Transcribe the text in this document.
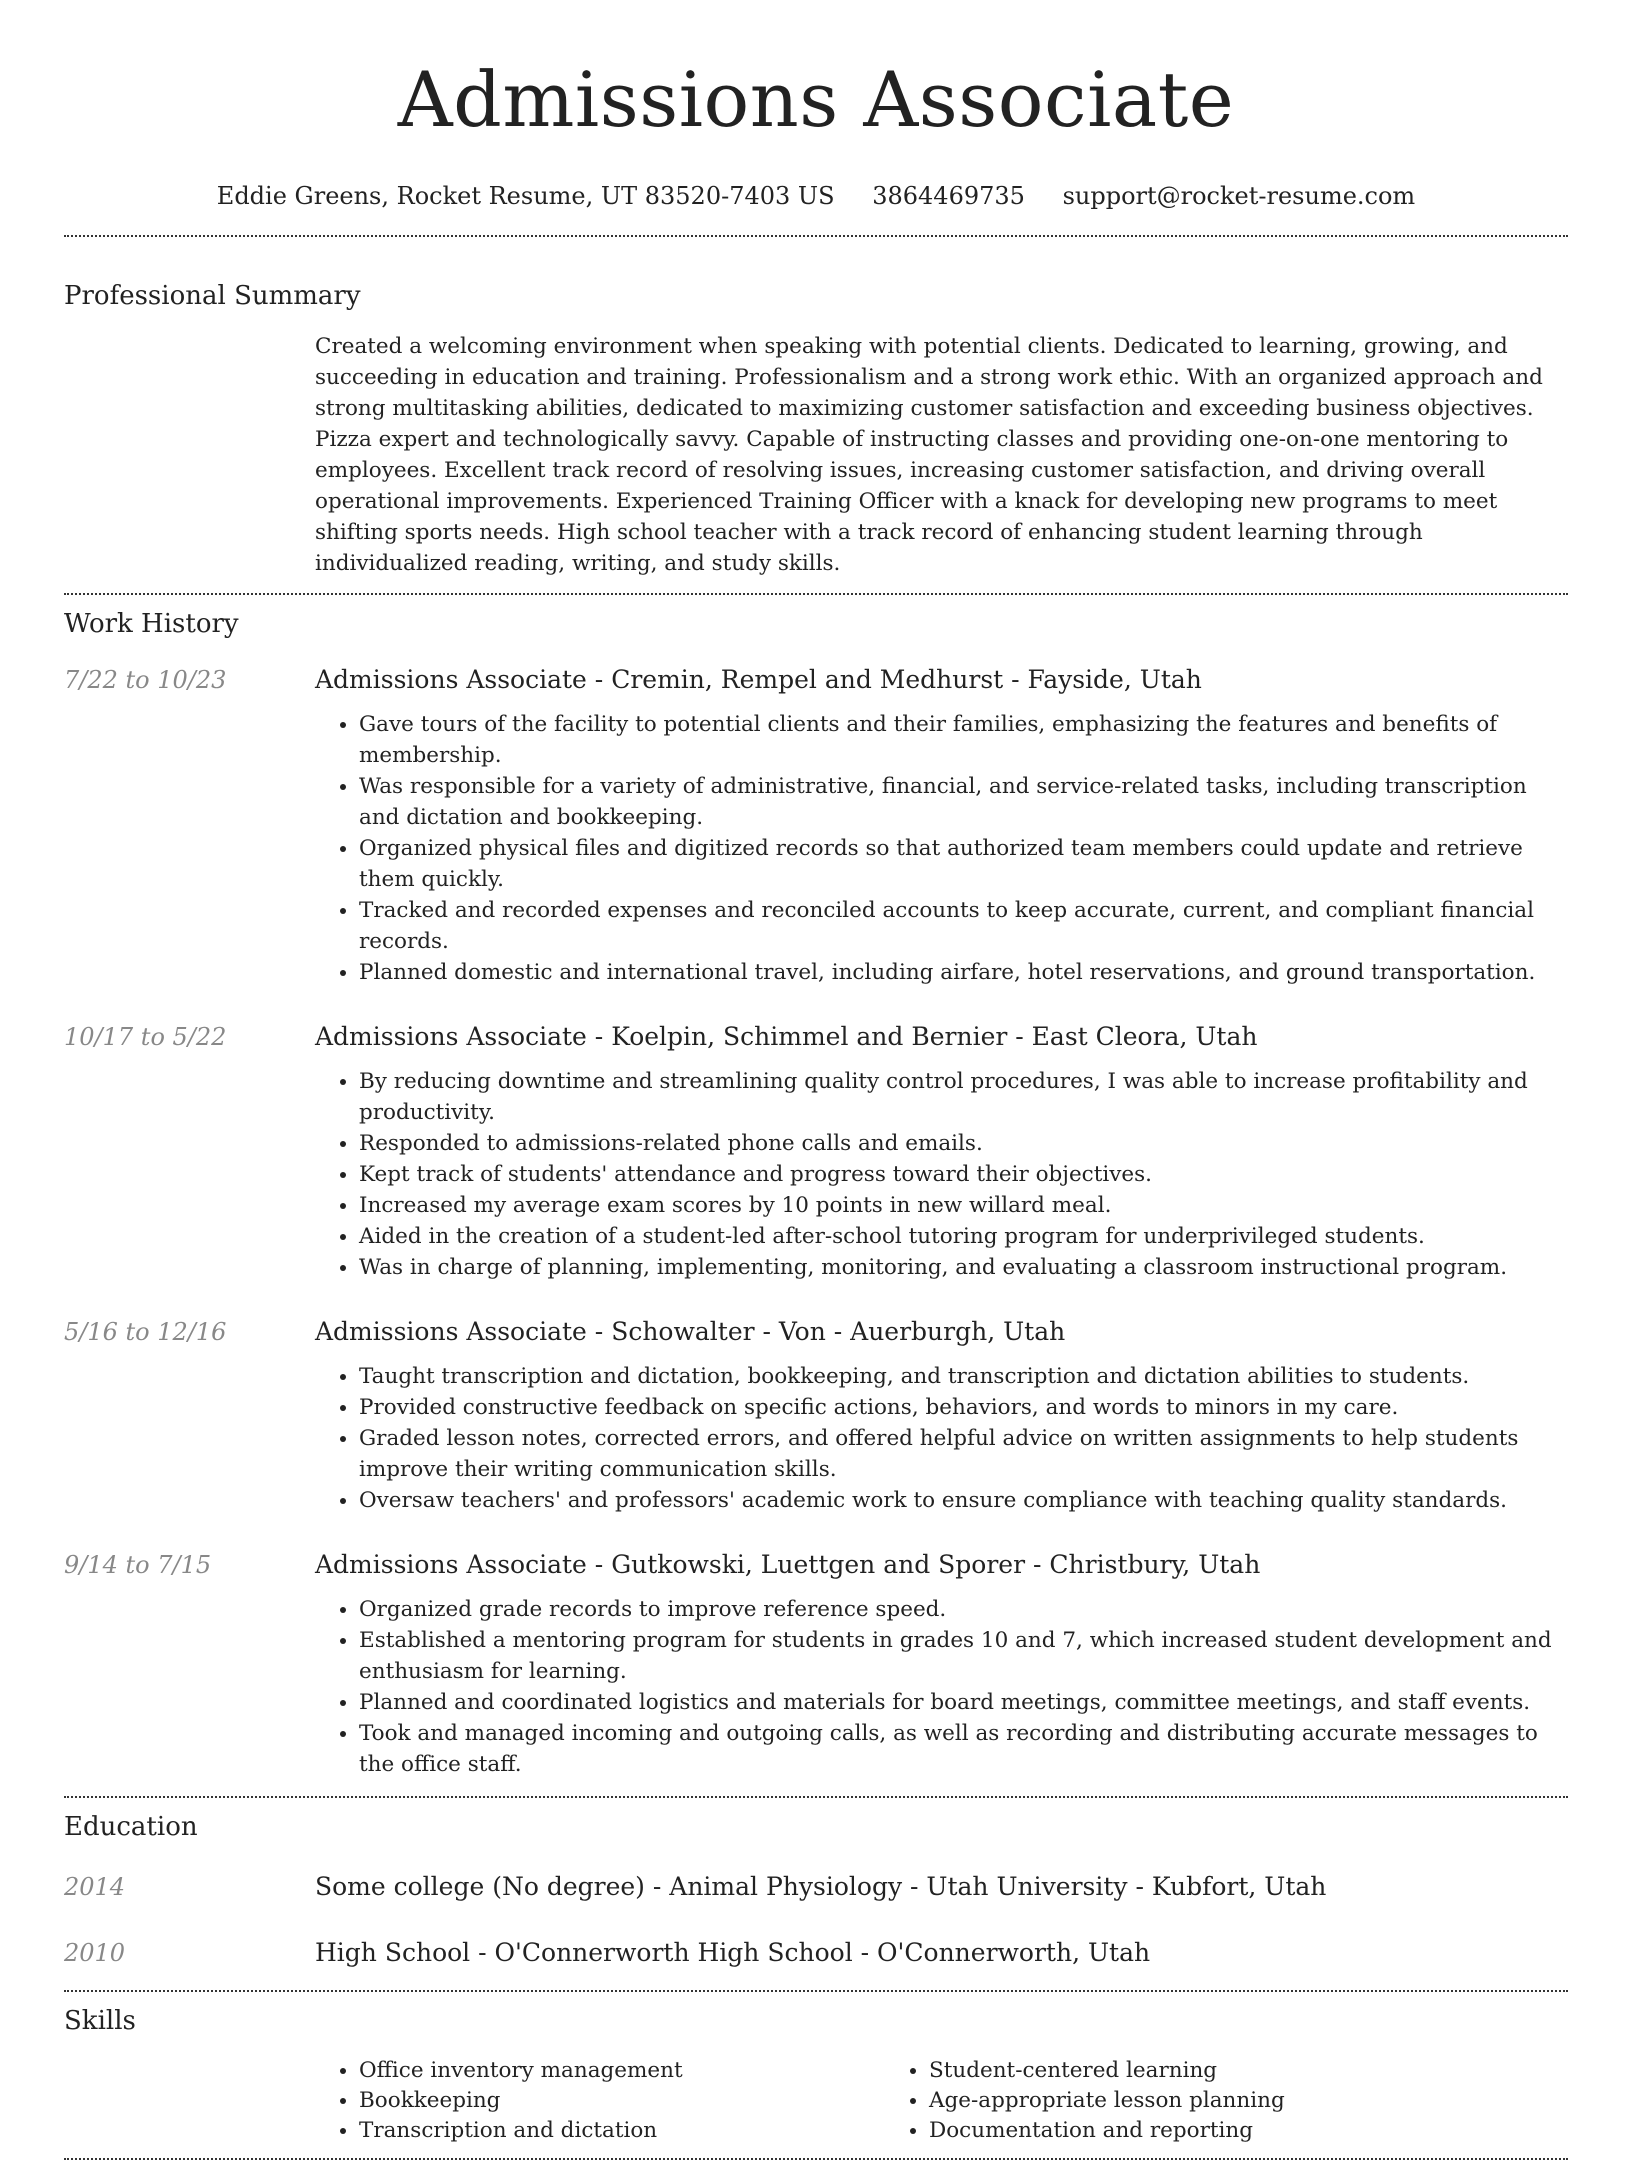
Admissions Associate
Eddie Greens, Rocket Resume, UT 83520-7403 US 3864469735 support@rocket-resume.com
Professional Summary

Created a welcoming environment when speaking with potential clients. Dedicated to learning, growing, and succeeding in education and training. Professionalism and a strong work ethic. With an organized approach and strong multitasking abilities, dedicated to maximizing customer satisfaction and exceeding business objectives. Pizza expert and technologically savvy. Capable of instructing classes and providing one-on-one mentoring to employees. Excellent track record of resolving issues, increasing customer satisfaction, and driving overall operational improvements. Experienced Training Officer with a knack for developing new programs to meet shifting sports needs. High school teacher with a track record of enhancing student learning through individualized reading, writing, and study skills.

Work History
7/22 to 10/23	Admissions Associate - Cremin, Rempel and Medhurst - Fayside, Utah
• Gave tours of the facility to potential clients and their families, emphasizing the features and benefits of membership.
• Was responsible for a variety of administrative, financial, and service-related tasks, including transcription and dictation and bookkeeping.
• Organized physical files and digitized records so that authorized team members could update and retrieve them quickly.
• Tracked and recorded expenses and reconciled accounts to keep accurate, current, and compliant financial records.
• Planned domestic and international travel, including airfare, hotel reservations, and ground transportation.
10/17 to 5/22	Admissions Associate - Koelpin, Schimmel and Bernier - East Cleora, Utah
• By reducing downtime and streamlining quality control procedures, I was able to increase profitability and productivity.
• Responded to admissions-related phone calls and emails.
• Kept track of students' attendance and progress toward their objectives.
• Increased my average exam scores by 10 points in new willard meal.
• Aided in the creation of a student-led after-school tutoring program for underprivileged students.
• Was in charge of planning, implementing, monitoring, and evaluating a classroom instructional program.
5/16 to 12/16	Admissions Associate - Schowalter - Von - Auerburgh, Utah
• Taught transcription and dictation, bookkeeping, and transcription and dictation abilities to students.
• Provided constructive feedback on specific actions, behaviors, and words to minors in my care.
• Graded lesson notes, corrected errors, and offered helpful advice on written assignments to help students improve their writing communication skills.
• Oversaw teachers' and professors' academic work to ensure compliance with teaching quality standards.
9/14 to 7/15	Admissions Associate - Gutkowski, Luettgen and Sporer - Christbury, Utah
• Organized grade records to improve reference speed.
• Established a mentoring program for students in grades 10 and 7, which increased student development and enthusiasm for learning.
• Planned and coordinated logistics and materials for board meetings, committee meetings, and staff events.
• Took and managed incoming and outgoing calls, as well as recording and distributing accurate messages to the office staff.
Education
2014	Some college (No degree) - Animal Physiology - Utah University - Kubfort, Utah
2010	High School - O'Connerworth High School - O'Connerworth, Utah
Skills
• Office inventory management
• Bookkeeping
• Transcription and dictation
• Student-centered learning
• Age-appropriate lesson planning
• Documentation and reporting
